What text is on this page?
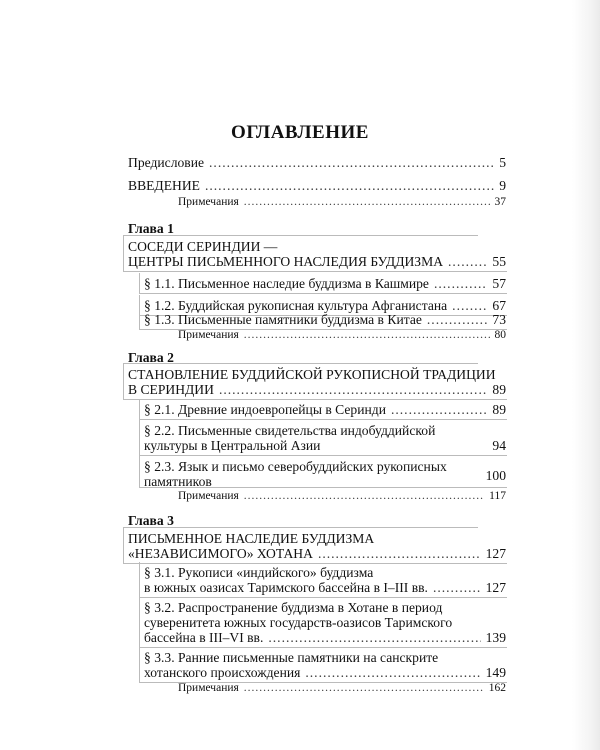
ОГЛАВЛЕНИЕ
Предисловие .....	5
ВВЕДЕНИЕ .....	9
Примечания .....	37
Глава 1
СОСЕДИ СЕРИНДИИ —
ЦЕНТРЫ ПИСЬМЕННОГО НАСЛЕДИЯ БУДДИЗМА .....	55
§ 1.1. Письменное наследие буддизма в Кашмире .....	57
§ 1.2. Буддийская рукописная культура Афганистана .....	67
§ 1.3. Письменные памятники буддизма в Китае .....	73
Примечания .....	80
Глава 2
СТАНОВЛЕНИЕ БУДДИЙСКОЙ РУКОПИСНОЙ ТРАДИЦИИ
В СЕРИНДИИ .....	89
§ 2.1. Древние индоевропейцы в Серинди .....	89
§ 2.2. Письменные свидетельства индобуддийской
культуры в Центральной Азии	94
§ 2.3. Язык и письмо северобуддийских рукописных
памятников	100
Примечания .....	117
Глава 3
ПИСЬМЕННОЕ НАСЛЕДИЕ БУДДИЗМА
«НЕЗАВИСИМОГО» ХОТАНА .....	127
§ 3.1. Рукописи «индийского» буддизма
в южных оазисах Таримского бассейна в I–III вв. .....	127
§ 3.2. Распространение буддизма в Хотане в период
суверенитета южных государств-оазисов Таримского
бассейна в III–VI вв. .....	139
§ 3.3. Ранние письменные памятники на санскрите
хотанского происхождения .....	149
Примечания .....	162
